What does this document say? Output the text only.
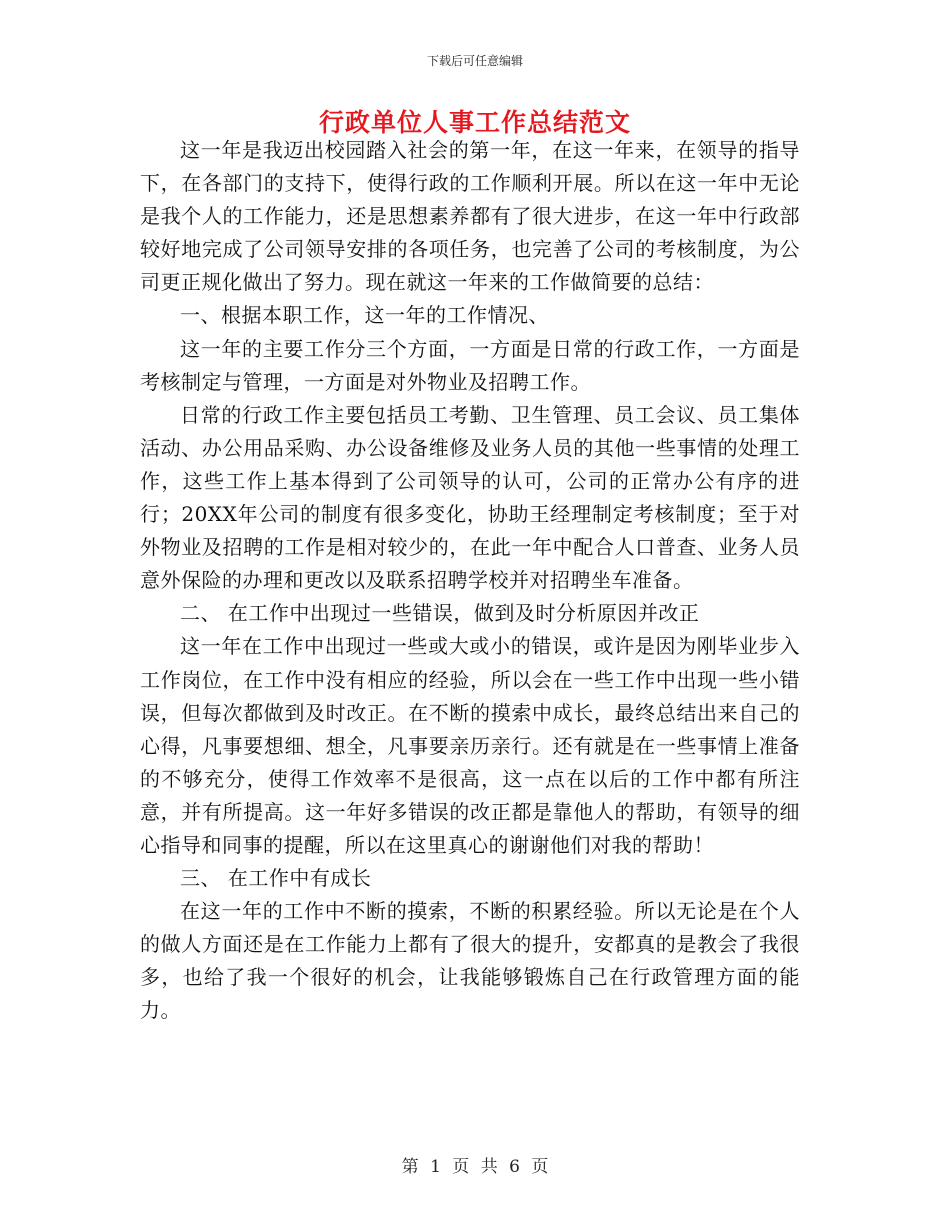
下载后可任意编辑
行政单位人事工作总结范文

这一年是我迈出校园踏入社会的第一年，在这一年来，在领导的指导下，在各部门的支持下，使得行政的工作顺利开展。所以在这一年中无论是我个人的工作能力，还是思想素养都有了很大进步，在这一年中行政部较好地完成了公司领导安排的各项任务，也完善了公司的考核制度，为公司更正规化做出了努力。现在就这一年来的工作做简要的总结：

一、根据本职工作，这一年的工作情况、

这一年的主要工作分三个方面，一方面是日常的行政工作，一方面是考核制定与管理，一方面是对外物业及招聘工作。

日常的行政工作主要包括员工考勤、卫生管理、员工会议、员工集体活动、办公用品采购、办公设备维修及业务人员的其他一些事情的处理工作，这些工作上基本得到了公司领导的认可，公司的正常办公有序的进行；20XX年公司的制度有很多变化，协助王经理制定考核制度；至于对外物业及招聘的工作是相对较少的，在此一年中配合人口普查、业务人员意外保险的办理和更改以及联系招聘学校并对招聘坐车准备。

二、 在工作中出现过一些错误，做到及时分析原因并改正

这一年在工作中出现过一些或大或小的错误，或许是因为刚毕业步入工作岗位，在工作中没有相应的经验，所以会在一些工作中出现一些小错误，但每次都做到及时改正。在不断的摸索中成长，最终总结出来自己的心得，凡事要想细、想全，凡事要亲历亲行。还有就是在一些事情上准备的不够充分，使得工作效率不是很高，这一点在以后的工作中都有所注意，并有所提高。这一年好多错误的改正都是靠他人的帮助，有领导的细心指导和同事的提醒，所以在这里真心的谢谢他们对我的帮助！

三、 在工作中有成长

在这一年的工作中不断的摸索，不断的积累经验。所以无论是在个人的做人方面还是在工作能力上都有了很大的提升，安都真的是教会了我很多，也给了我一个很好的机会，让我能够锻炼自己在行政管理方面的能力。

第 1 页 共 6 页
